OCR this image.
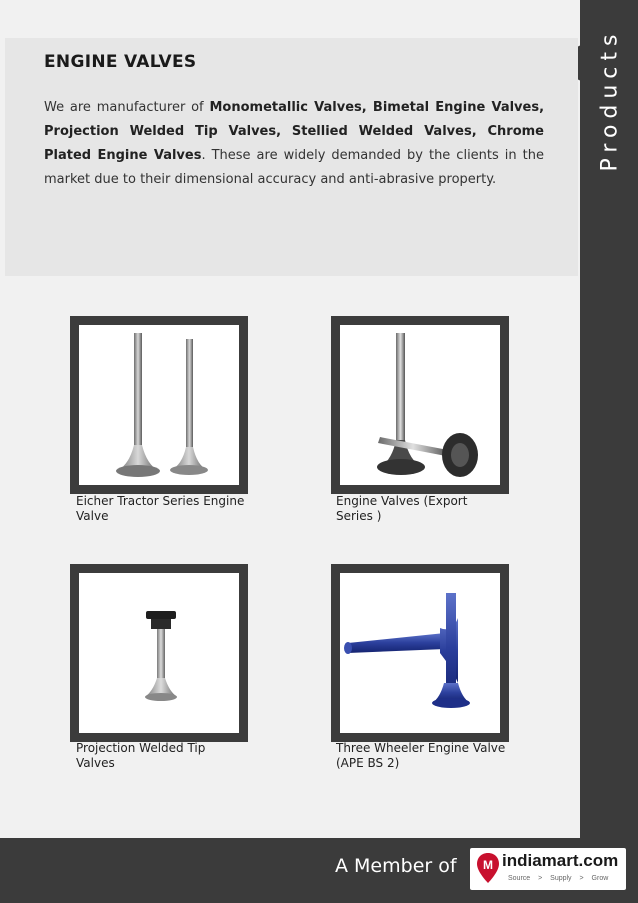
Products
ENGINE VALVES
We are manufacturer of Monometallic Valves, Bimetal Engine Valves, Projection Welded Tip Valves, Stellied Welded Valves, Chrome Plated Engine Valves. These are widely demanded by the clients in the market due to their dimensional accuracy and anti-abrasive property.
Eicher Tractor Series Engine Valve
Engine Valves (Export Series )
Projection Welded Tip Valves
Three Wheeler Engine Valve (APE BS 2)
A Member of M indiamart.com
Source > Supply > Grow
